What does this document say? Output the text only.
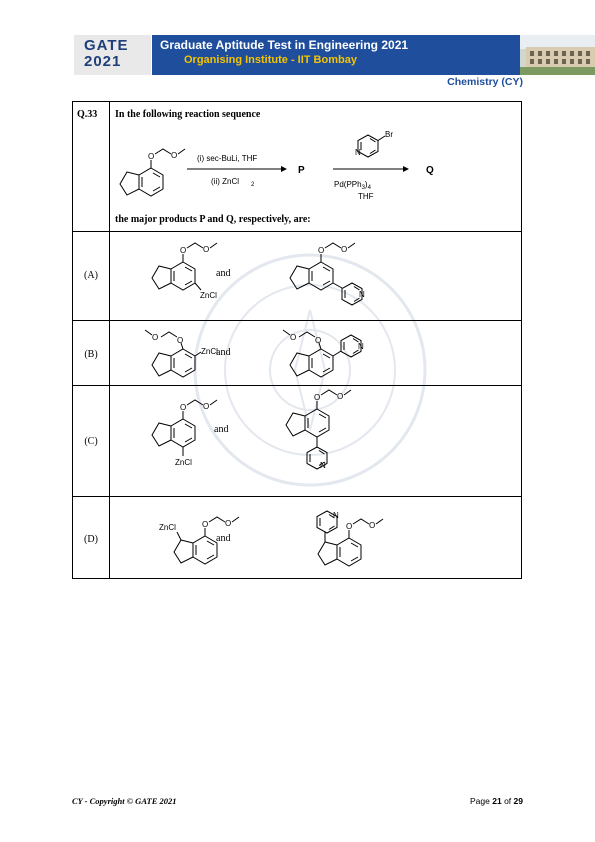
GATE
2021
Graduate Aptitude Test in Engineering 2021
Organising Institute - IIT Bombay
Chemistry (CY)
Q.33 In the following reaction sequence
the major products P and Q, respectively, are:
O O (i) sec-BuLi, THF
(ii) ZnCl 2
P
Br
N
$Pd(PPh_3)_4$
THF
Q
(A)	and
O O
ZnCl
O O
N
(B)	and
O
O
ZnCl
O
O
N
(C)
and
O O
ZnCl
O O
N
(D)	and
O O
ZnCl	O O
N
CY - Copyright © GATE 2021	Page 21 of 29
